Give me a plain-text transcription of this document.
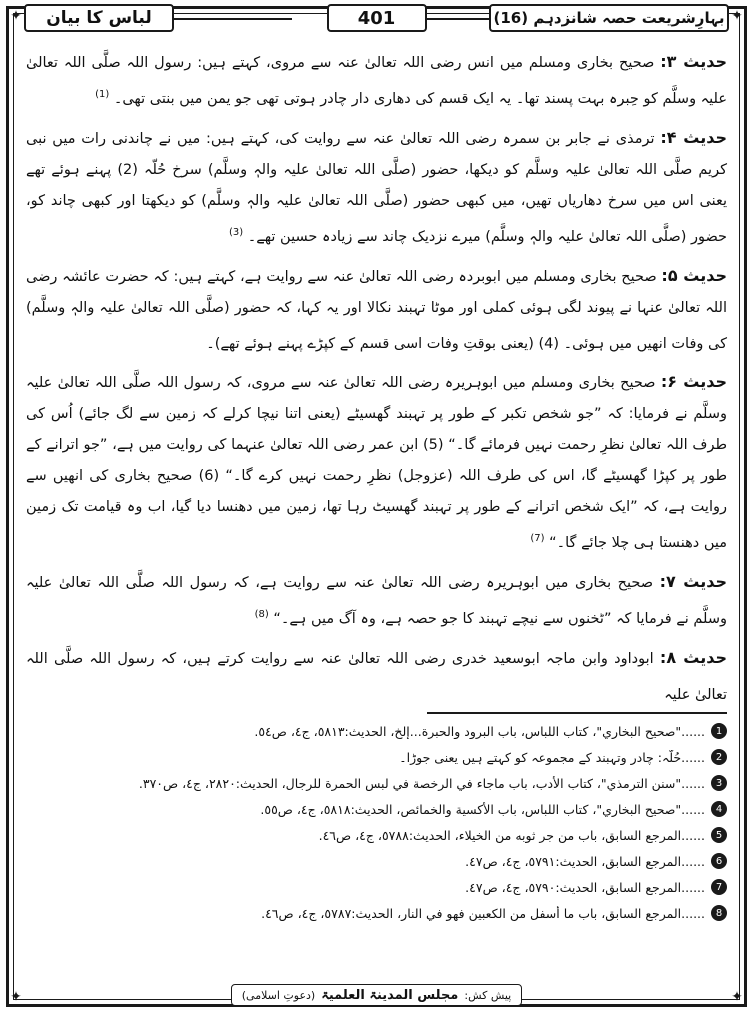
✦	✦
✦	✦
بہارِشریعت حصہ شانزدہم (16)
401
لباس کا بیان

حدیث ۳: صحیح بخاری ومسلم میں انس رضی اللہ تعالیٰ عنہ سے مروی، کہتے ہیں: رسول اللہ صلَّی اللہ تعالیٰ علیہ وسلَّم کو حِبرہ بہت پسند تھا۔ یہ ایک قسم کی دھاری دار چادر ہوتی تھی جو یمن میں بنتی تھی۔ $^{(1)}$

حدیث ۴: ترمذی نے جابر بن سمرہ رضی اللہ تعالیٰ عنہ سے روایت کی، کہتے ہیں: میں نے چاندنی رات میں نبی کریم صلَّی اللہ تعالیٰ علیہ وسلَّم کو دیکھا، حضور (صلَّی اللہ تعالیٰ علیہ والہٖ وسلَّم) سرخ حُلّہ (2) پہنے ہوئے تھے یعنی اس میں سرخ دھاریاں تھیں، میں کبھی حضور (صلَّی اللہ تعالیٰ علیہ والہٖ وسلَّم) کو دیکھتا اور کبھی چاند کو، حضور (صلَّی اللہ تعالیٰ علیہ والہٖ وسلَّم) میرے نزدیک چاند سے زیادہ حسین تھے۔ $^{(3)}$

حدیث ۵: صحیح بخاری ومسلم میں ابوبردہ رضی اللہ تعالیٰ عنہ سے روایت ہے، کہتے ہیں: کہ حضرت عائشہ رضی اللہ تعالیٰ عنہا نے پیوند لگی ہوئی کملی اور موٹا تہبند نکالا اور یہ کہا، کہ حضور (صلَّی اللہ تعالیٰ علیہ والہٖ وسلَّم) کی وفات انھیں میں ہوئی۔ (4) (یعنی بوقتِ وفات اسی قسم کے کپڑے پہنے ہوئے تھے)۔

حدیث ۶: صحیح بخاری ومسلم میں ابوہریرہ رضی اللہ تعالیٰ عنہ سے مروی، کہ رسول اللہ صلَّی اللہ تعالیٰ علیہ وسلَّم نے فرمایا: کہ ”جو شخص تکبر کے طور پر تہبند گھسیٹے (یعنی اتنا نیچا کرلے کہ زمین سے لگ جائے) اُس کی طرف اللہ تعالیٰ نظرِ رحمت نہیں فرمائے گا۔“ (5) ابن عمر رضی اللہ تعالیٰ عنہما کی روایت میں ہے، ”جو اترانے کے طور پر کپڑا گھسیٹے گا، اس کی طرف اللہ (عزوجل) نظرِ رحمت نہیں کرے گا۔“ (6) صحیح بخاری کی انھیں سے روایت ہے، کہ ”ایک شخص اترانے کے طور پر تہبند گھسیٹ رہا تھا، زمین میں دھنسا دیا گیا، اب وہ قیامت تک زمین میں دھنستا ہی چلا جائے گا۔“ $^{(7)}$

حدیث ۷: صحیح بخاری میں ابوہریرہ رضی اللہ تعالیٰ عنہ سے روایت ہے، کہ رسول اللہ صلَّی اللہ تعالیٰ علیہ وسلَّم نے فرمایا کہ ”ٹخنوں سے نیچے تہبند کا جو حصہ ہے، وہ آگ میں ہے۔“ $^{(8)}$

حدیث ۸: ابوداود وابن ماجہ ابوسعید خدری رضی اللہ تعالیٰ عنہ سے روایت کرتے ہیں، کہ رسول اللہ صلَّی اللہ تعالیٰ علیہ

1
......"صحيح البخاري"، كتاب اللباس، باب البرود والحبرة...إلخ، الحديث:٥٨١٣، ج٤، ص٥٤.
2
......حُلّہ: چادر وتہبند کے مجموعہ کو کہتے ہیں یعنی جوڑا۔
3
......"سنن الترمذي"، كتاب الأدب، باب ماجاء في الرخصة في لبس الحمرة للرجال، الحديث:٢٨٢٠، ج٤، ص٣٧٠.
4
......"صحيح البخاري"، كتاب اللباس، باب الأكسية والخمائص، الحديث:٥٨١٨، ج٤، ص٥٥.
5
......المرجع السابق، باب من جر ثوبه من الخيلاء، الحديث:٥٧٨٨، ج٤، ص٤٦.
6
......المرجع السابق، الحديث:٥٧٩١، ج٤، ص٤٧.
7
......المرجع السابق، الحديث:٥٧٩٠، ج٤، ص٤٧.
8
......المرجع السابق، باب ما أسفل من الكعبين فهو في النار، الحديث:٥٧٨٧، ج٤، ص٤٦.
پیش کش:
مجلس المدینۃ العلمیۃ
(دعوتِ اسلامی)
